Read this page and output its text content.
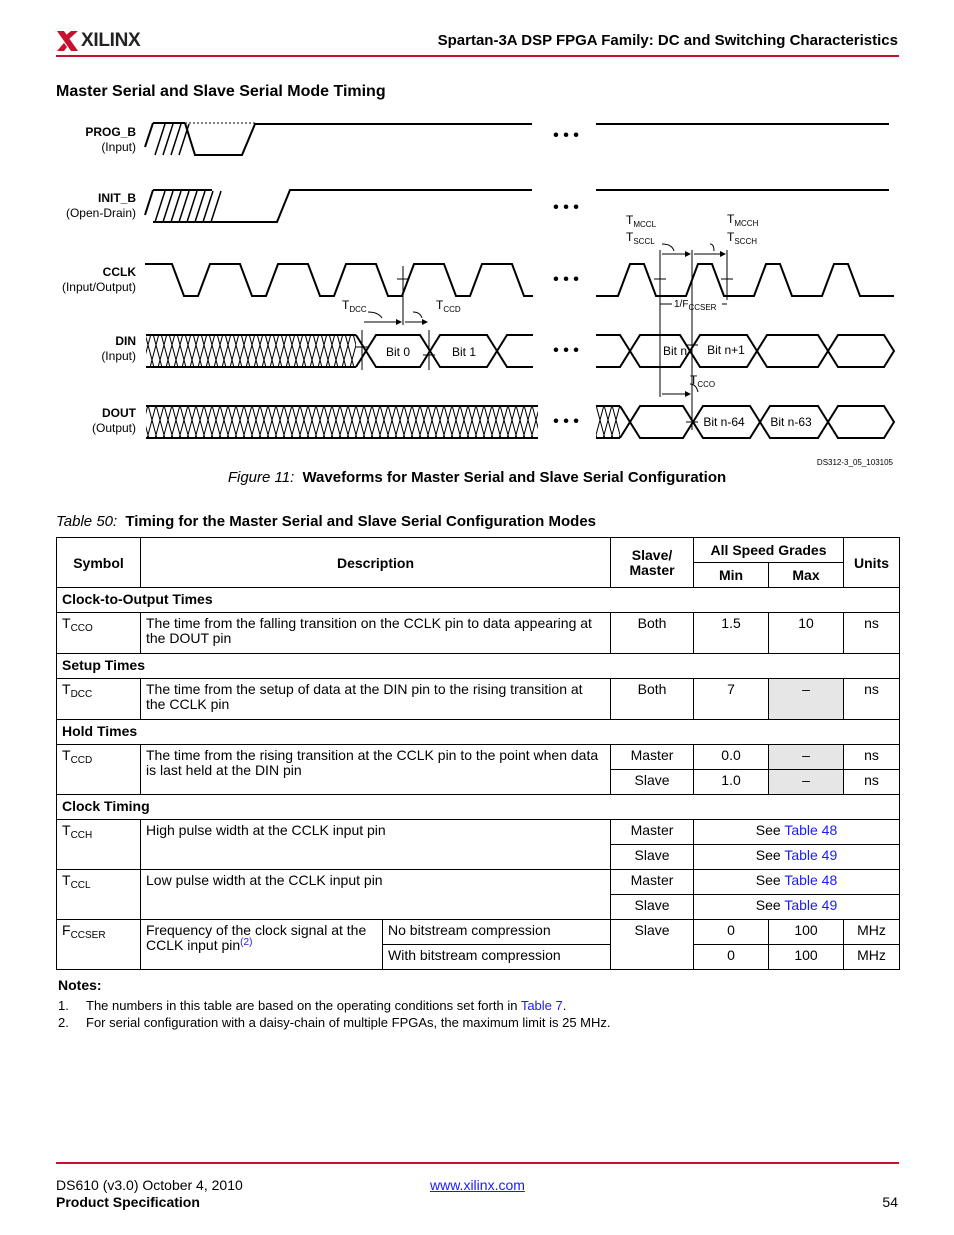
XILINX	Spartan-3A DSP FPGA Family: DC and Switching Characteristics
Master Serial and Slave Serial Mode Timing
PROG_B
(Input)
INIT_B
(Open-Drain)
CCLK
(Input/Output)
DIN
(Input)
DOUT
(Output)
• • •
• • •
• • •
• • •
• • •
Bit 0	Bit 1	Bit n Bit n+1
Bit n-64 Bit n-63
$T_{DCC}$	$T_{CCD}$
$T_{MCCL}$
$T_{SCCL}$
$T_{MCCH}$
$T_{SCCH}$
$1/F_{CCSER}$
$T_{CCO}$
DS312-3_05_103105
Figure 11: Waveforms for Master Serial and Slave Serial Configuration
Table 50: Timing for the Master Serial and Slave Serial Configuration Modes
Symbol	Description		Slave/ Master	All Speed Grades		Units
				Min	Max	
Clock-to-Output Times						
$T_{CCO}$	The time from the falling transition on the CCLK pin to data appearing at the DOUT pin		Both	1.5	10	ns
Setup Times						
$T_{DCC}$	The time from the setup of data at the DIN pin to the rising transition at the CCLK pin		Both	7	–	ns
Hold Times						
$T_{CCD}$	The time from the rising transition at the CCLK pin to the point when data is last held at the DIN pin		Master	0.0	–	ns
			Slave	1.0	–	ns
Clock Timing						
$T_{CCH}$	High pulse width at the CCLK input pin		Master	See Table 48		
			Slave	See Table 49		
$T_{CCL}$	Low pulse width at the CCLK input pin		Master	See Table 48		
			Slave	See Table 49		
$F_{CCSER}$	Frequency of the clock signal at the CCLK input pin$^{(2)}$	No bitstream compression	Slave	0	100	MHz
		With bitstream compression		0	100	MHz
Notes:
1. The numbers in this table are based on the operating conditions set forth in Table 7.
2. For serial configuration with a daisy-chain of multiple FPGAs, the maximum limit is 25 MHz.
DS610 (v3.0) October 4, 2010
Product Specification
www.xilinx.com
54
